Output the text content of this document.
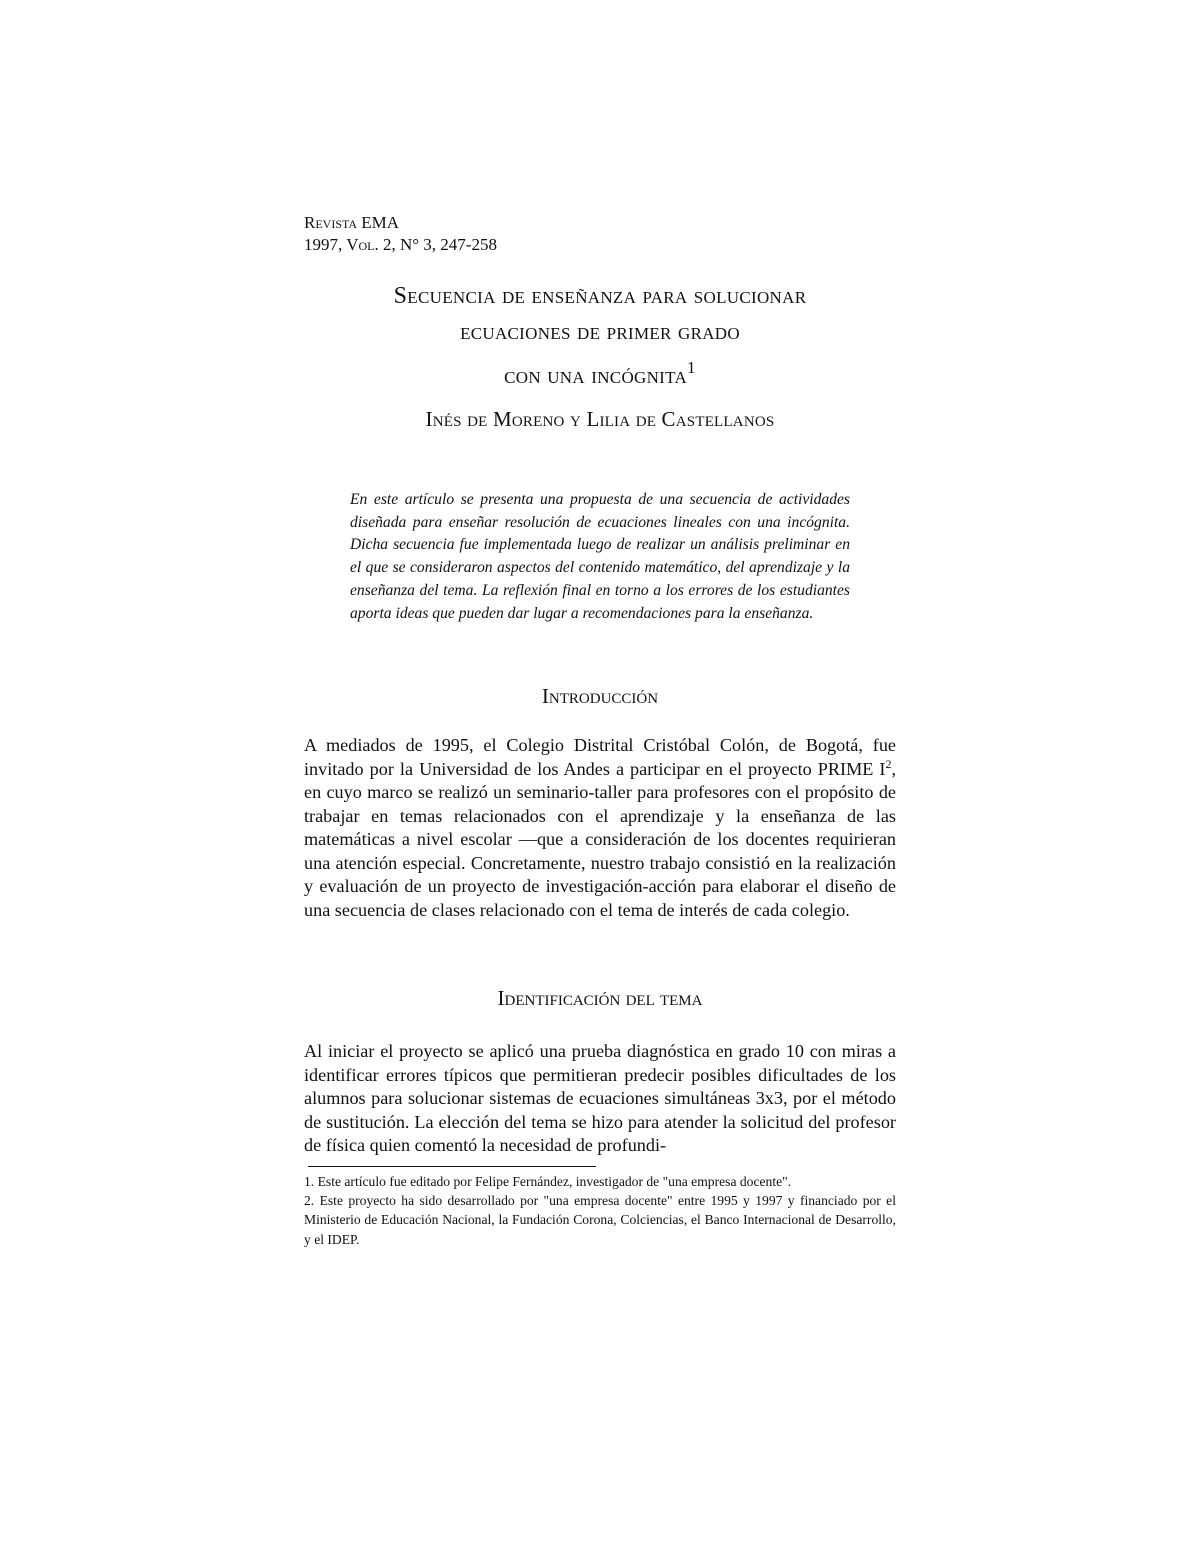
Revista EMA
1997, Vol. 2, N° 3, 247-258
Secuencia de enseñanza para solucionar
ecuaciones de primer grado
con una incógnita$^1$
Inés de Moreno y Lilia de Castellanos
En este artículo se presenta una propuesta de una secuencia de actividades diseñada para enseñar resolución de ecuaciones lineales con una incógnita. Dicha secuencia fue implementada luego de realizar un análisis preliminar en el que se consideraron aspectos del contenido matemático, del aprendizaje y la enseñanza del tema. La reflexión final en torno a los errores de los estudiantes aporta ideas que pueden dar lugar a recomendaciones para la enseñanza.
Introducción
A mediados de 1995, el Colegio Distrital Cristóbal Colón, de Bogotá, fue invitado por la Universidad de los Andes a participar en el proyecto PRIME $I^2$, en cuyo marco se realizó un seminario-taller para profesores con el propósito de trabajar en temas relacionados con el aprendizaje y la enseñanza de las matemáticas a nivel escolar —que a consideración de los docentes requirieran una atención especial. Concretamente, nuestro trabajo consistió en la realización y evaluación de un proyecto de investigación-acción para elaborar el diseño de una secuencia de clases relacionado con el tema de interés de cada colegio.
Identificación del tema
Al iniciar el proyecto se aplicó una prueba diagnóstica en grado 10 con miras a identificar errores típicos que permitieran predecir posibles dificultades de los alumnos para solucionar sistemas de ecuaciones simultáneas 3x3, por el método de sustitución. La elección del tema se hizo para atender la solicitud del profesor de física quien comentó la necesidad de profundi-

1. Este artículo fue editado por Felipe Fernández, investigador de "una empresa docente".

2. Este proyecto ha sido desarrollado por "una empresa docente" entre 1995 y 1997 y financiado por el Ministerio de Educación Nacional, la Fundación Corona, Colciencias, el Banco Internacional de Desarrollo, y el IDEP.
